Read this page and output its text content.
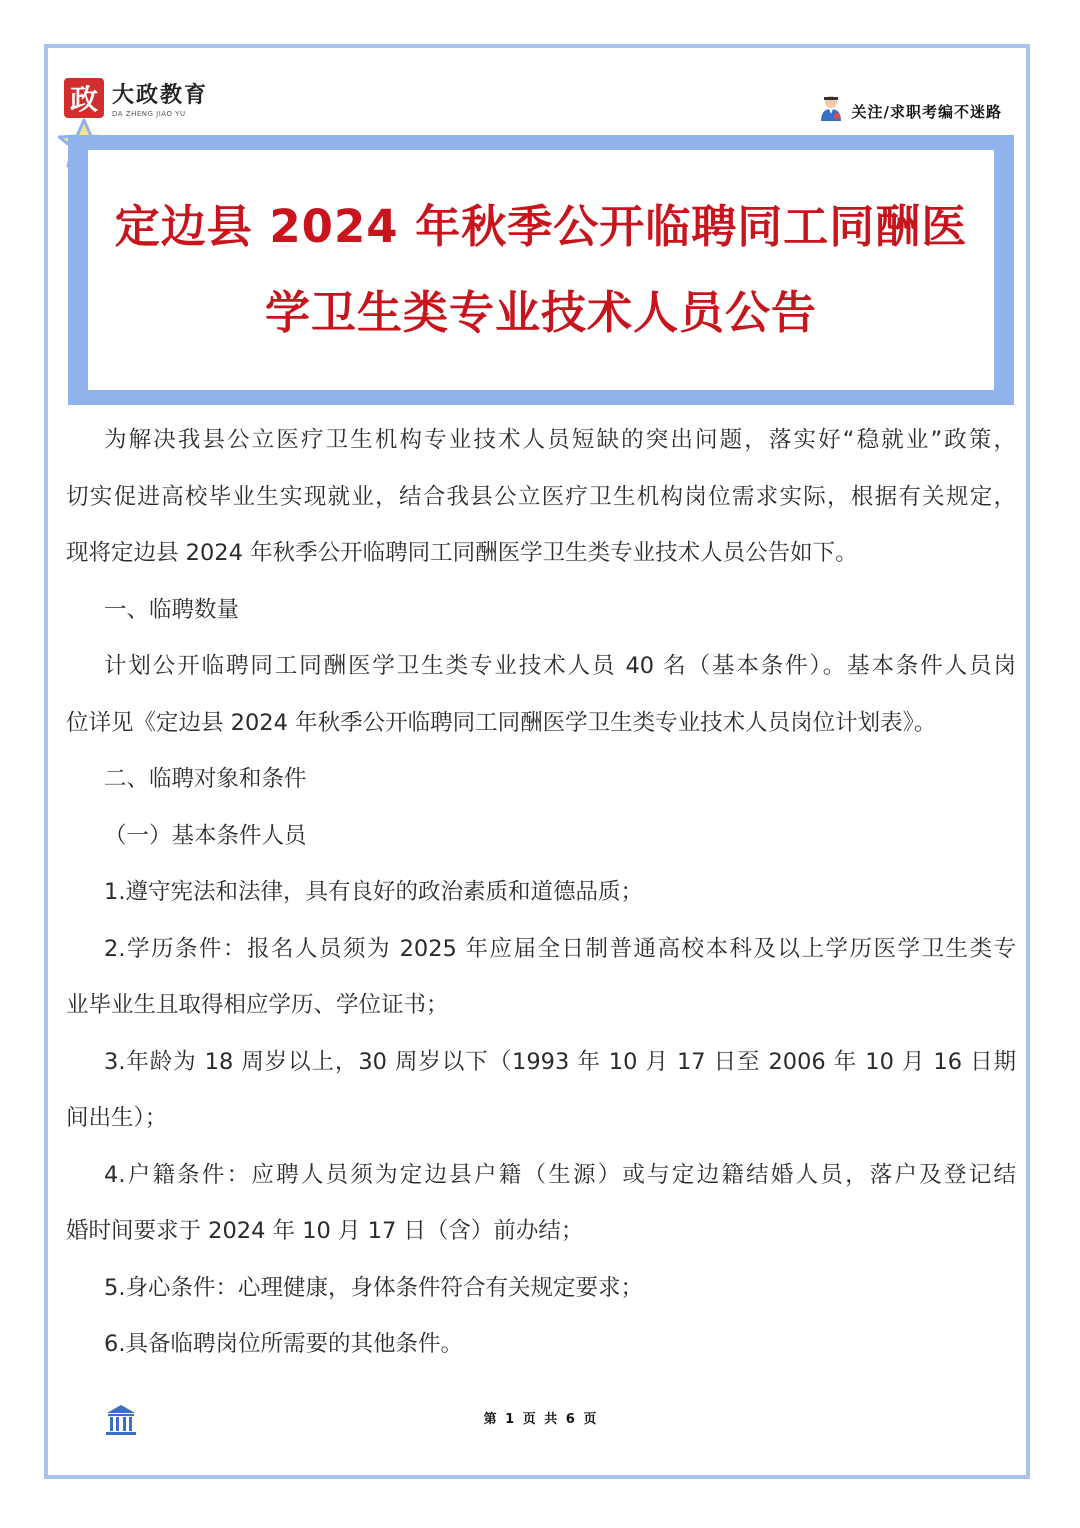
政 大政教育
DA ZHENG JIAO YU	关注/求职考编不迷路
定边县 2024 年秋季公开临聘同工同酬医
学卫生类专业技术人员公告

为解决我县公立医疗卫生机构专业技术人员短缺的突出问题，落实好“稳就业”政策，

切实促进高校毕业生实现就业，结合我县公立医疗卫生机构岗位需求实际，根据有关规定，

现将定边县 2024 年秋季公开临聘同工同酬医学卫生类专业技术人员公告如下。

一、临聘数量

计划公开临聘同工同酬医学卫生类专业技术人员 40 名（基本条件）。基本条件人员岗

位详见《定边县 2024 年秋季公开临聘同工同酬医学卫生类专业技术人员岗位计划表》。

二、临聘对象和条件

（一）基本条件人员

1.遵守宪法和法律，具有良好的政治素质和道德品质；

2.学历条件：报名人员须为 2025 年应届全日制普通高校本科及以上学历医学卫生类专

业毕业生且取得相应学历、学位证书；

3.年龄为 18 周岁以上，30 周岁以下（1993 年 10 月 17 日至 2006 年 10 月 16 日期

间出生）；

4.户籍条件：应聘人员须为定边县户籍（生源）或与定边籍结婚人员，落户及登记结

婚时间要求于 2024 年 10 月 17 日（含）前办结；

5.身心条件：心理健康，身体条件符合有关规定要求；

6.具备临聘岗位所需要的其他条件。

第 1 页 共 6 页
